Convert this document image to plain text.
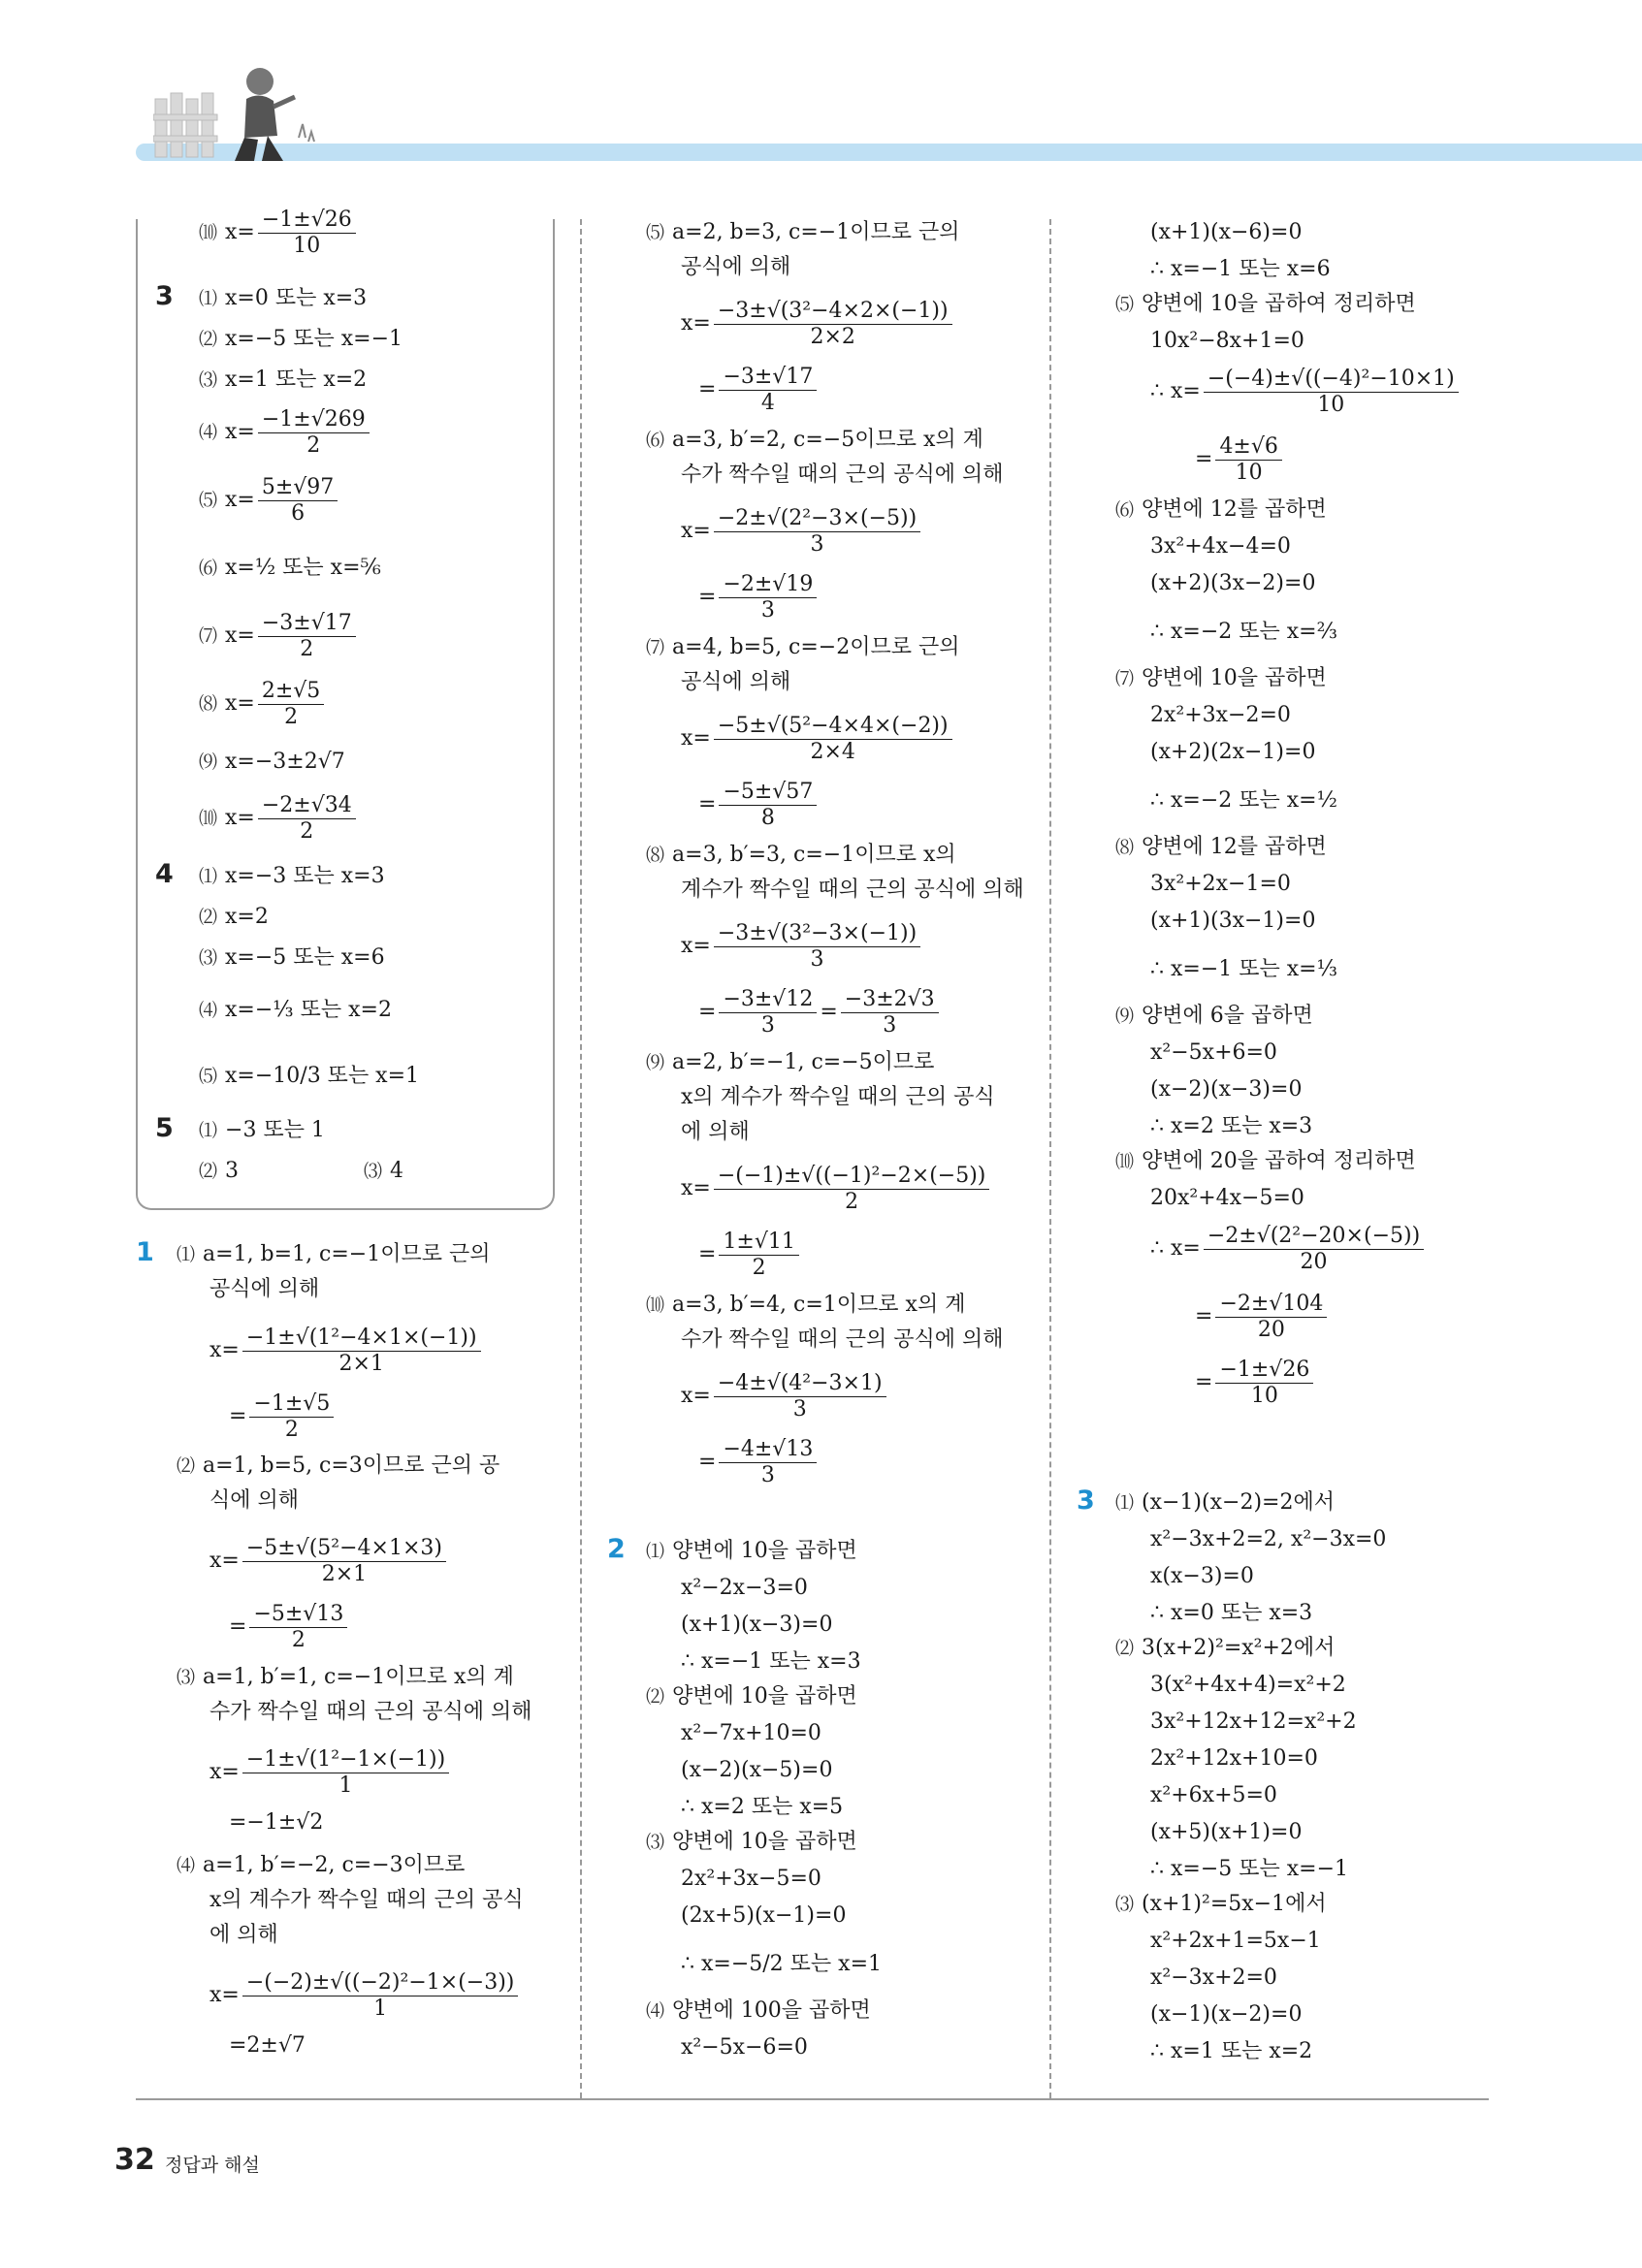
⑽ $x= \frac{-1\pm√26}{10}$
⑴ x=0 또는 x=3
⑵ x=−5 또는 x=−1
⑶ x=1 또는 x=2
⑷ $x= \frac{-1\pm√269}{2}$
⑸ $x= \frac{5\pm√97}{6}$
⑹ x=½ 또는 x=⅚
⑺ $x= \frac{-3\pm√17}{2}$
⑻ $x= \frac{2\pm√5}{2}$
⑼ x=−3±2√7
⑽ $x= \frac{-2\pm√34}{2}$
⑴ x=−3 또는 x=3
⑵ x=2
⑶ x=−5 또는 x=6
⑷ x=−⅓ 또는 x=2
⑸ x=−10/3 또는 x=1
⑴ −3 또는 1
⑵ 3	⑶ 4
⑴ a=1, b=1, c=−1이므로 근의
공식에 의해
$x= \frac{\text{−1±√(1²−4×1×(−1))}}{2\times 1}$
= $\frac{-1\pm√5}{2}$
⑵ a=1, b=5, c=3이므로 근의 공
식에 의해
$x= \frac{\text{−5±√(5²−4×1×3)}}{2\times 1}$
= $\frac{-5\pm√13}{2}$
⑶ a=1, b′=1, c=−1이므로 x의 계
수가 짝수일 때의 근의 공식에 의해
$x= \frac{\text{−1±√(1²−1×(−1))}}{1}$
=−1±√2
⑷ a=1, b′=−2, c=−3이므로
x의 계수가 짝수일 때의 근의 공식
에 의해
$x= \frac{\text{−(−2)±√((−2)²−1×(−3))}}{1}$
=2±√7
⑸ a=2, b=3, c=−1이므로 근의
공식에 의해
$x= \frac{\text{−3±√(3²−4×2×(−1))}}{2\times 2}$
= $\frac{-3\pm√17}{4}$
⑹ a=3, b′=2, c=−5이므로 x의 계
수가 짝수일 때의 근의 공식에 의해
$x= \frac{\text{−2±√(2²−3×(−5))}}{3}$
= $\frac{-2\pm√19}{3}$
⑺ a=4, b=5, c=−2이므로 근의
공식에 의해
$x= \frac{\text{−5±√(5²−4×4×(−2))}}{2\times 4}$
= $\frac{-5\pm√57}{8}$
⑻ a=3, b′=3, c=−1이므로 x의
계수가 짝수일 때의 근의 공식에 의해
$x= \frac{\text{−3±√(3²−3×(−1))}}{3}$
= $\frac{-3\pm√12}{3} = \frac{-3\pm 2√3}{3}$
⑼ a=2, b′=−1, c=−5이므로
x의 계수가 짝수일 때의 근의 공식
에 의해
$x= \frac{\text{−(−1)±√((−1)²−2×(−5))}}{2}$
= $\frac{1\pm√11}{2}$
⑽ a=3, b′=4, c=1이므로 x의 계
수가 짝수일 때의 근의 공식에 의해
$x= \frac{\text{−4±√(4²−3×1)}}{3}$
= $\frac{-4\pm√13}{3}$
⑴ 양변에 10을 곱하면
x²−2x−3=0
(x+1)(x−3)=0
∴ x=−1 또는 x=3
⑵ 양변에 10을 곱하면
x²−7x+10=0
(x−2)(x−5)=0
∴ x=2 또는 x=5
⑶ 양변에 10을 곱하면
2x²+3x−5=0
(2x+5)(x−1)=0
∴ x=−5/2 또는 x=1
⑷ 양변에 100을 곱하면
x²−5x−6=0
(x+1)(x−6)=0
∴ x=−1 또는 x=6
⑸ 양변에 10을 곱하여 정리하면
10x²−8x+1=0
∴ $x= \frac{\text{−(−4)±√((−4)²−10×1)}}{10}$
= $\frac{4\pm√6}{10}$
⑹ 양변에 12를 곱하면
3x²+4x−4=0
(x+2)(3x−2)=0
∴ x=−2 또는 x=⅔
⑺ 양변에 10을 곱하면
2x²+3x−2=0
(x+2)(2x−1)=0
∴ x=−2 또는 x=½
⑻ 양변에 12를 곱하면
3x²+2x−1=0
(x+1)(3x−1)=0
∴ x=−1 또는 x=⅓
⑼ 양변에 6을 곱하면
x²−5x+6=0
(x−2)(x−3)=0
∴ x=2 또는 x=3
⑽ 양변에 20을 곱하여 정리하면
20x²+4x−5=0
∴ $x= \frac{\text{−2±√(2²−20×(−5))}}{20}$
= $\frac{-2\pm√104}{20}$
= $\frac{-1\pm√26}{10}$
⑴ (x−1)(x−2)=2에서
x²−3x+2=2, x²−3x=0
x(x−3)=0
∴ x=0 또는 x=3
⑵ 3(x+2)²=x²+2에서
3(x²+4x+4)=x²+2
3x²+12x+12=x²+2
2x²+12x+10=0
x²+6x+5=0
(x+5)(x+1)=0
∴ x=−5 또는 x=−1
⑶ (x+1)²=5x−1에서
x²+2x+1=5x−1
x²−3x+2=0
(x−1)(x−2)=0
∴ x=1 또는 x=2
3
4
5
1
2
3
32 정답과 해설
